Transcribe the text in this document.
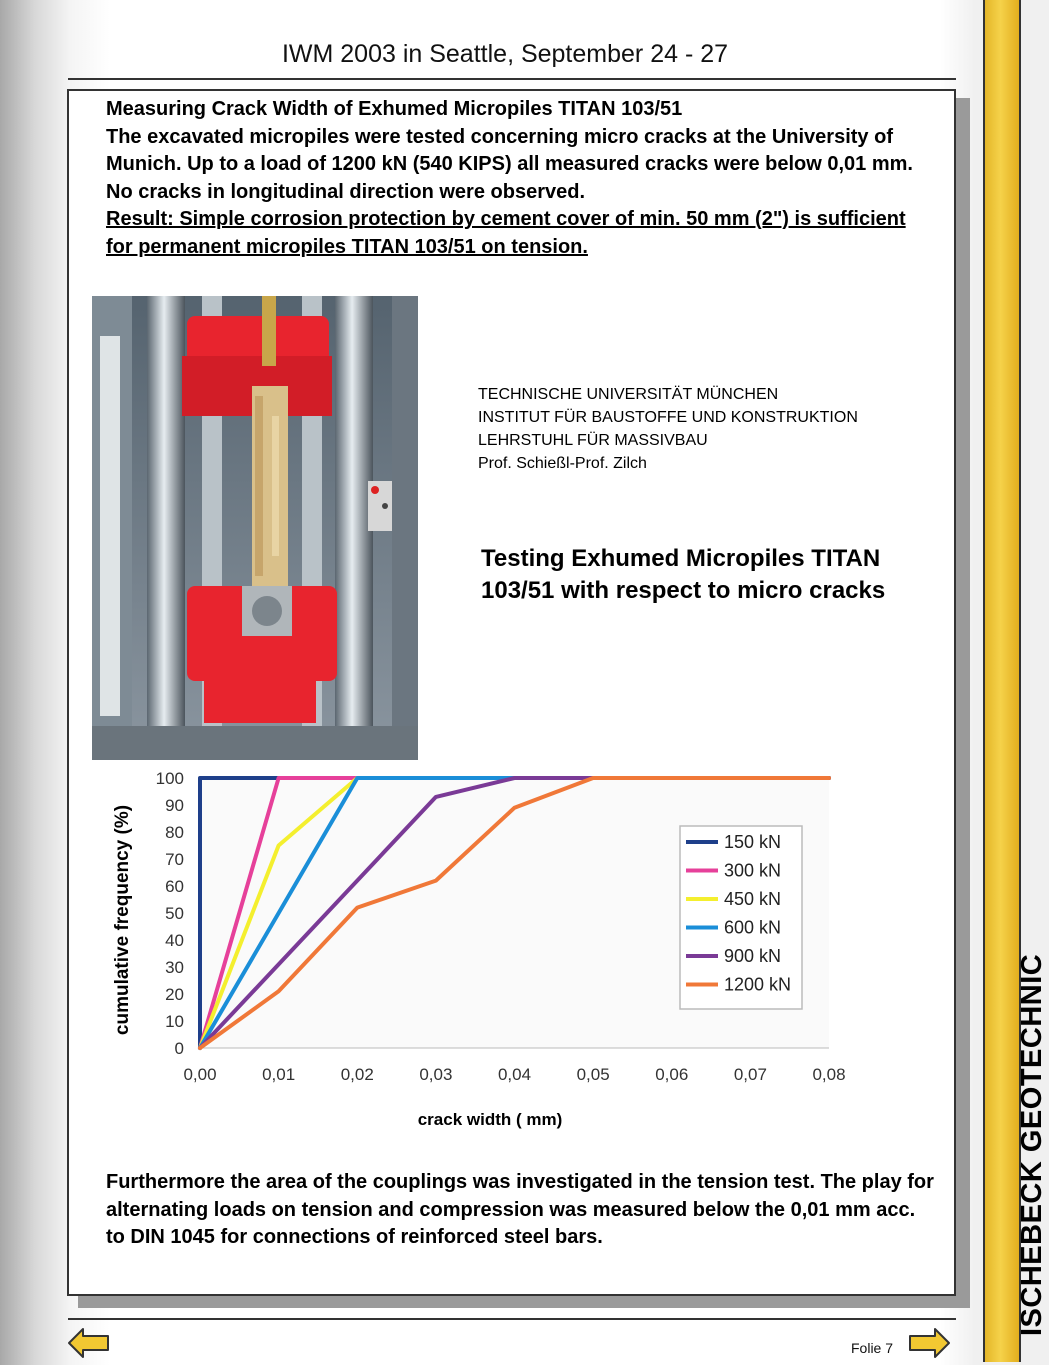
IWM 2003 in Seattle, September 24 - 27

Measuring Crack Width of Exhumed Micropiles TITAN 103/51

The excavated micropiles were tested concerning micro cracks at the University of Munich. Up to a load of 1200 kN (540 KIPS) all measured cracks were below 0,01 mm. No cracks in longitudinal direction were observed.

Result: Simple corrosion protection by cement cover of min. 50 mm (2") is sufficient for permanent micropiles TITAN 103/51 on tension.

TECHNISCHE UNIVERSITÄT MÜNCHEN
INSTITUT FÜR BAUSTOFFE UND KONSTRUKTION
LEHRSTUHL FÜR MASSIVBAU
Prof. Schießl-Prof. Zilch
Testing Exhumed Micropiles TITAN 103/51 with respect to micro cracks
0
10
20
30
40
50
60
70
80
90
100
0,00	0,01	0,02	0,03	0,04	0,05	0,06	0,07	0,08
150 kN
300 kN
450 kN
600 kN
900 kN
1200 kN
cumulative frequency (%)
crack width ( mm)
Furthermore the area of the couplings was investigated in the tension test. The play for alternating loads on tension and compression was measured below the 0,01 mm acc. to DIN 1045 for connections of reinforced steel bars.	ISCHEBECK GEOTECHNIC
Folie 7
